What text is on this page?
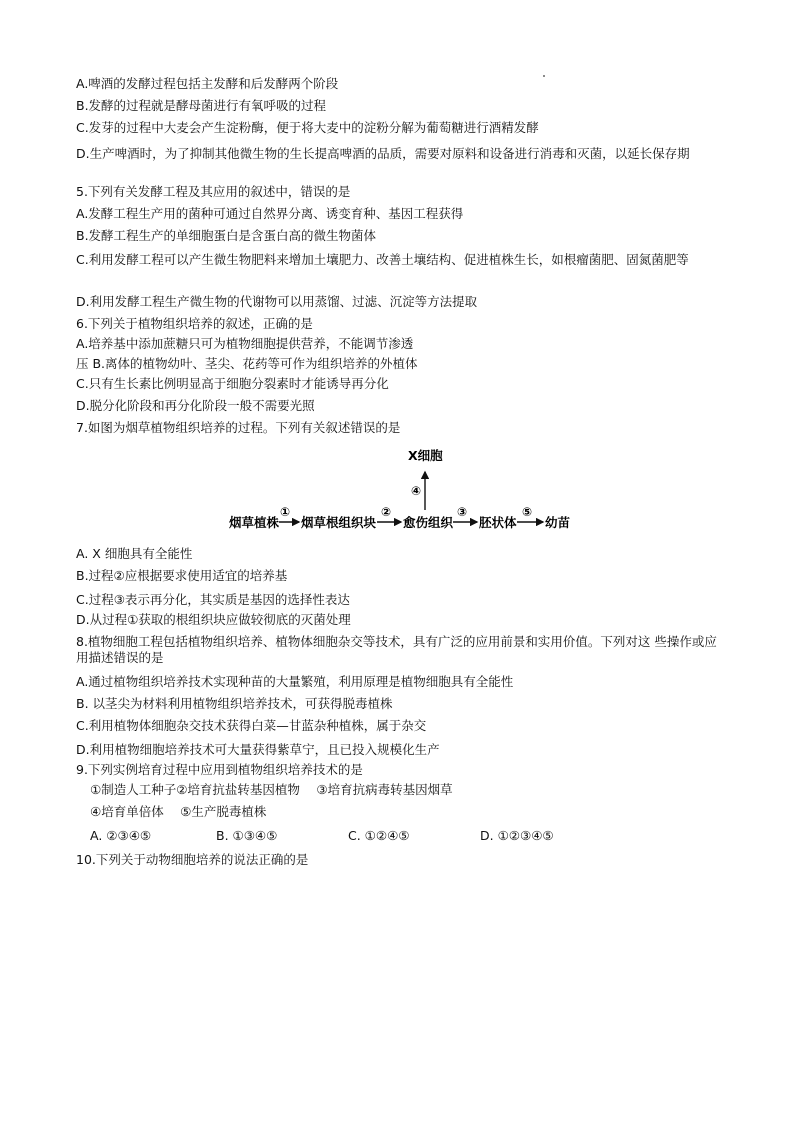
A.啤酒的发酵过程包括主发酵和后发酵两个阶段
B.发酵的过程就是酵母菌进行有氧呼吸的过程
C.发芽的过程中大麦会产生淀粉酶，便于将大麦中的淀粉分解为葡萄糖进行酒精发酵
D.生产啤酒时，为了抑制其他微生物的生长提高啤酒的品质，需要对原料和设备进行消毒和灭菌，以延长保存期
5.下列有关发酵工程及其应用的叙述中，错误的是
A.发酵工程生产用的菌种可通过自然界分离、诱变育种、基因工程获得
B.发酵工程生产的单细胞蛋白是含蛋白高的微生物菌体
C.利用发酵工程可以产生微生物肥料来增加土壤肥力、改善土壤结构、促进植株生长，如根瘤菌肥、固氮菌肥等
D.利用发酵工程生产微生物的代谢物可以用蒸馏、过滤、沉淀等方法提取
6.下列关于植物组织培养的叙述，正确的是
A.培养基中添加蔗糖只可为植物细胞提供营养，不能调节渗透
压 B.离体的植物幼叶、茎尖、花药等可作为组织培养的外植体
C.只有生长素比例明显高于细胞分裂素时才能诱导再分化
D.脱分化阶段和再分化阶段一般不需要光照
7.如图为烟草植物组织培养的过程。下列有关叙述错误的是
X细胞
④
烟草植株
①
烟草根组织块
②
愈伤组织
③
胚状体
⑤
幼苗
A. X 细胞具有全能性
B.过程②应根据要求使用适宜的培养基
C.过程③表示再分化，其实质是基因的选择性表达
D.从过程①获取的根组织块应做较彻底的灭菌处理
8.植物细胞工程包括植物组织培养、植物体细胞杂交等技术，具有广泛的应用前景和实用价值。下列对这 些操作或应用描述错误的是
A.通过植物组织培养技术实现种苗的大量繁殖，利用原理是植物细胞具有全能性
B. 以茎尖为材料利用植物组织培养技术，可获得脱毒植株
C.利用植物体细胞杂交技术获得白菜—甘蓝杂种植株，属于杂交
D.利用植物细胞培养技术可大量获得紫草宁，且已投入规模化生产
9.下列实例培育过程中应用到植物组织培养技术的是
①制造人工种子②培育抗盐转基因植物　 ③培育抗病毒转基因烟草
④培育单倍体　 ⑤生产脱毒植株
A. ②③④⑤	B. ①③④⑤	C. ①②④⑤	D. ①②③④⑤
10.下列关于动物细胞培养的说法正确的是
